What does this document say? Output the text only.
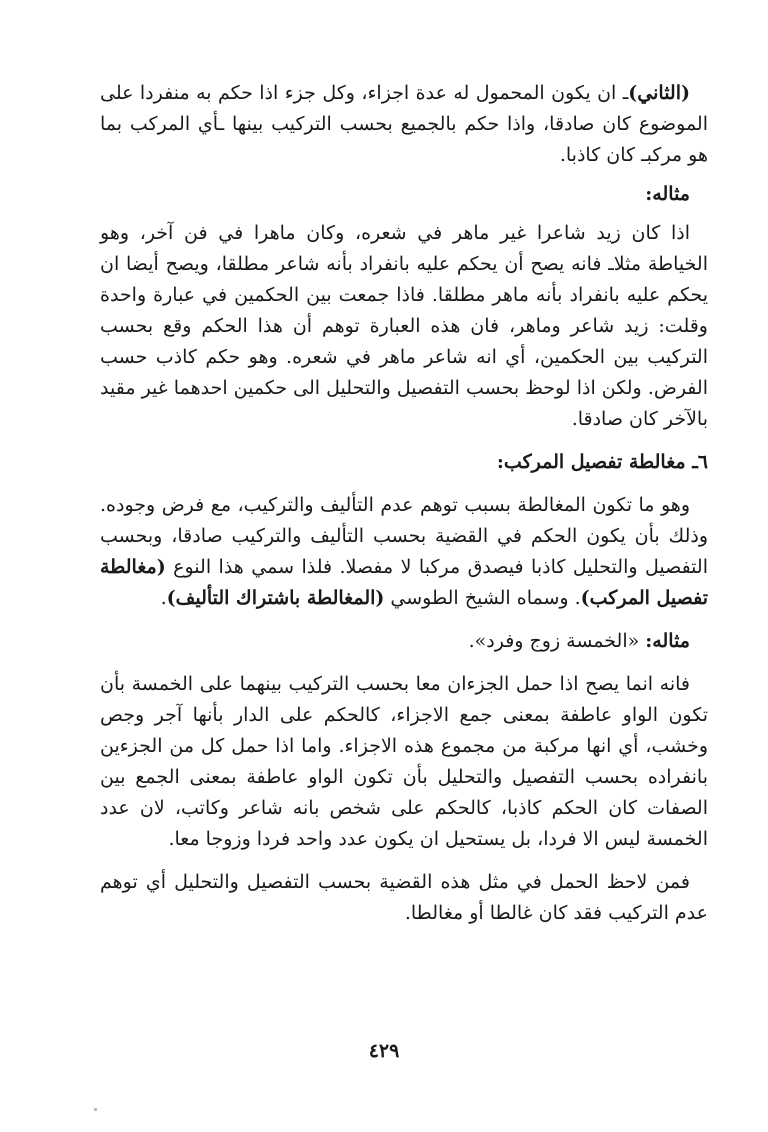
(الثاني)ـ ان يكون المحمول له عدة اجزاء، وكل جزء اذا حكم به منفردا على الموضوع كان صادقا، واذا حكم بالجميع بحسب التركيب بينها ـأي المركب بما هو مركبـ كان كاذبا.

مثاله:

اذا كان زيد شاعرا غير ماهر في شعره، وكان ماهرا في فن آخر، وهو الخياطة مثلاـ فانه يصح أن يحكم عليه بانفراد بأنه شاعر مطلقا، ويصح أيضا ان يحكم عليه بانفراد بأنه ماهر مطلقا. فاذا جمعت بين الحكمين في عبارة واحدة وقلت: زيد شاعر وماهر، فان هذه العبارة توهم أن هذا الحكم وقع بحسب التركيب بين الحكمين، أي انه شاعر ماهر في شعره. وهو حكم كاذب حسب الفرض. ولكن اذا لوحظ بحسب التفصيل والتحليل الى حكمين احدهما غير مقيد بالآخر كان صادقا.

٦ـ مغالطة تفصيل المركب:

وهو ما تكون المغالطة بسبب توهم عدم التأليف والتركيب، مع فرض وجوده. وذلك بأن يكون الحكم في القضية بحسب التأليف والتركيب صادقا، وبحسب التفصيل والتحليل كاذبا فيصدق مركبا لا مفصلا. فلذا سمي هذا النوع (مغالطة تفصيل المركب). وسماه الشيخ الطوسي (المغالطة باشتراك التأليف).

مثاله: «الخمسة زوج وفرد».

فانه انما يصح اذا حمل الجزءان معا بحسب التركيب بينهما على الخمسة بأن تكون الواو عاطفة بمعنى جمع الاجزاء، كالحكم على الدار بأنها آجر وجص وخشب، أي انها مركبة من مجموع هذه الاجزاء. واما اذا حمل كل من الجزءين بانفراده بحسب التفصيل والتحليل بأن تكون الواو عاطفة بمعنى الجمع بين الصفات كان الحكم كاذبا، كالحكم على شخص بانه شاعر وكاتب، لان عدد الخمسة ليس الا فردا، بل يستحيل ان يكون عدد واحد فردا وزوجا معا.

فمن لاحظ الحمل في مثل هذه القضية بحسب التفصيل والتحليل أي توهم عدم التركيب فقد كان غالطا أو مغالطا.

٤٢٩
